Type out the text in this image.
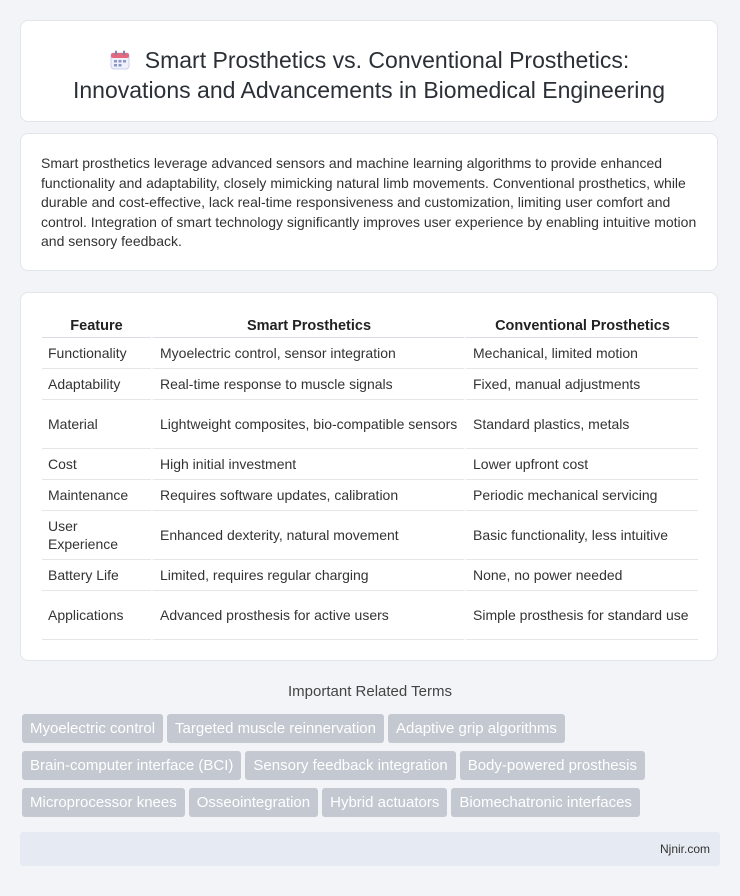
Smart Prosthetics vs. Conventional Prosthetics:
Innovations and Advancements in Biomedical Engineering

Smart prosthetics leverage advanced sensors and machine learning algorithms to provide enhanced functionality and adaptability, closely mimicking natural limb movements. Conventional prosthetics, while durable and cost-effective, lack real-time responsiveness and customization, limiting user comfort and control. Integration of smart technology significantly improves user experience by enabling intuitive motion and sensory feedback.

Feature	Smart Prosthetics	Conventional Prosthetics
Functionality	Myoelectric control, sensor integration	Mechanical, limited motion
Adaptability	Real-time response to muscle signals	Fixed, manual adjustments
Material	Lightweight composites, bio-compatible sensors	Standard plastics, metals
Cost	High initial investment	Lower upfront cost
Maintenance	Requires software updates, calibration	Periodic mechanical servicing
User Experience	Enhanced dexterity, natural movement	Basic functionality, less intuitive
Battery Life	Limited, requires regular charging	None, no power needed
Applications	Advanced prosthesis for active users	Simple prosthesis for standard use
Important Related Terms
Myoelectric control Targeted muscle reinnervation Adaptive grip algorithms
Brain-computer interface (BCI) Sensory feedback integration Body-powered prosthesis
Microprocessor knees Osseointegration Hybrid actuators Biomechatronic interfaces
Njnir.com
